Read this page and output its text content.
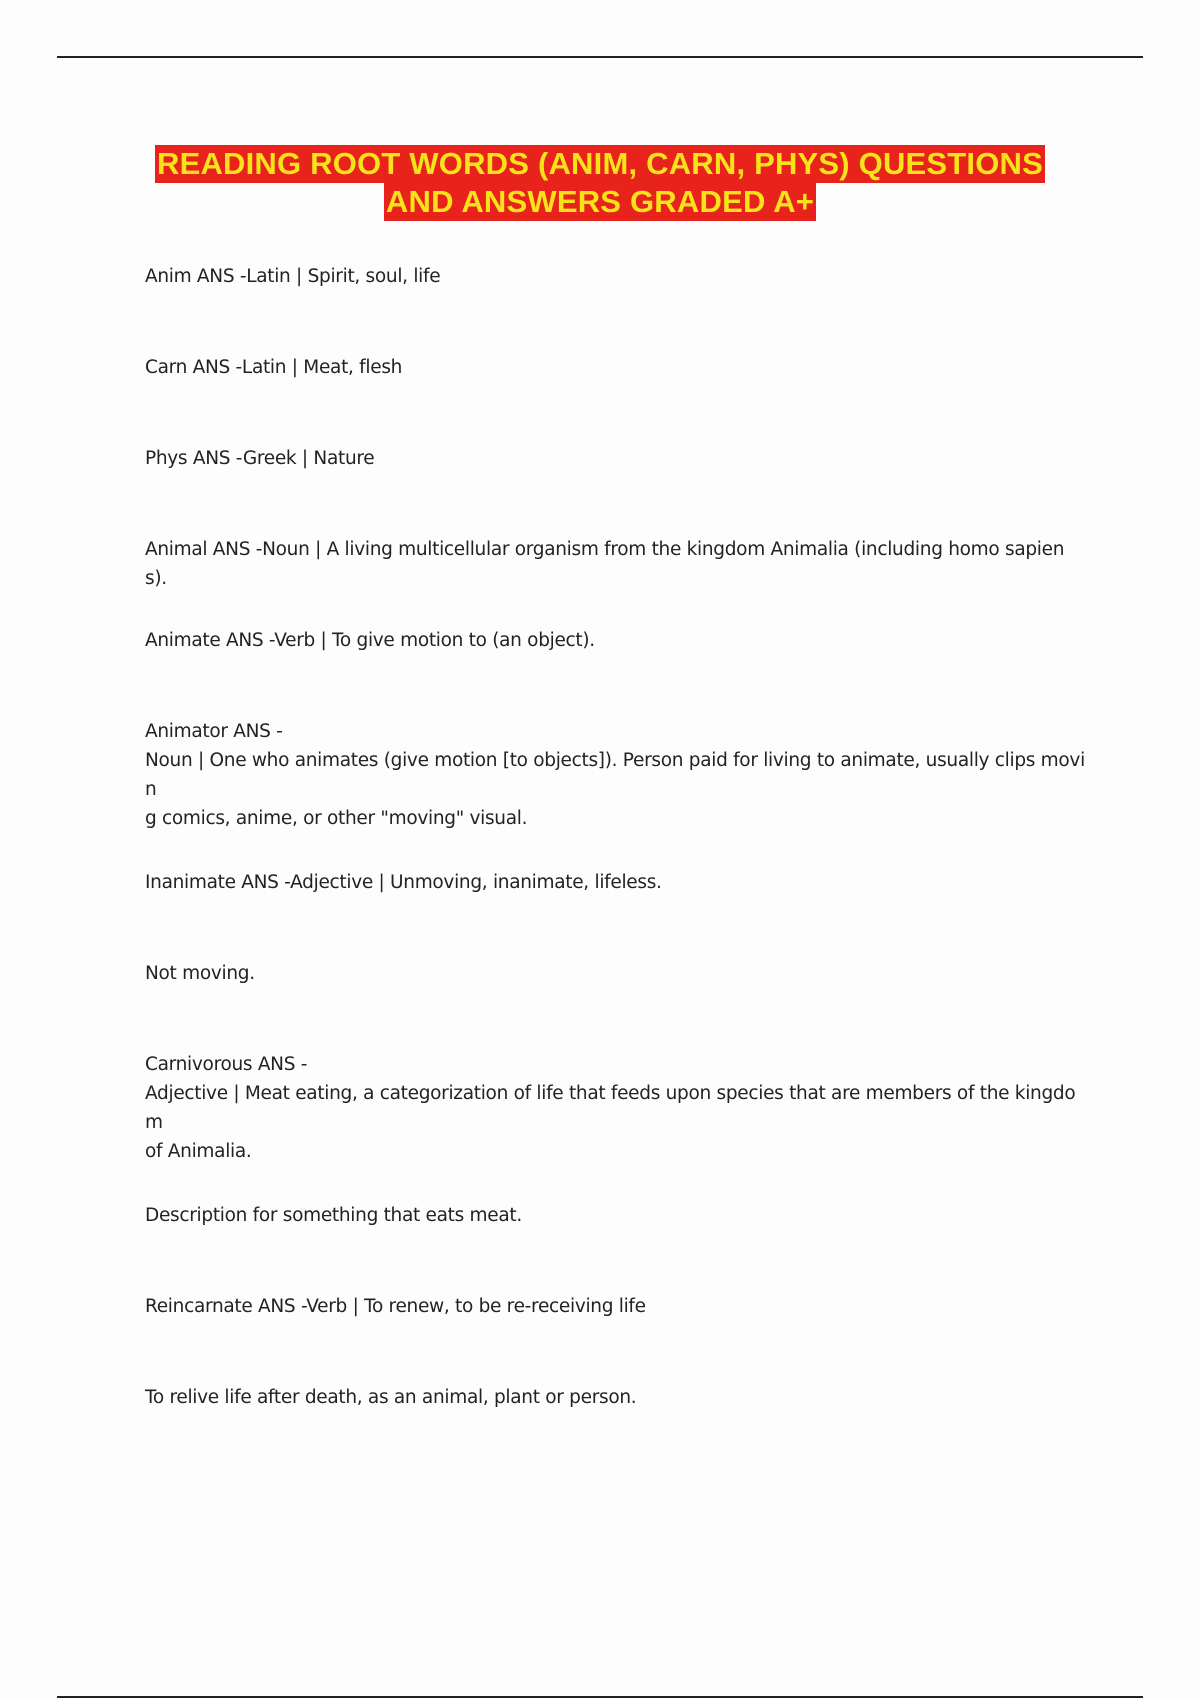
READING ROOT WORDS (ANIM, CARN, PHYS) QUESTIONS
AND ANSWERS GRADED A+
Anim ANS -Latin | Spirit, soul, life
Carn ANS -Latin | Meat, flesh
Phys ANS -Greek | Nature
Animal ANS -Noun | A living multicellular organism from the kingdom Animalia (including homo sapiens).
Animate ANS -Verb | To give motion to (an object).
Animator ANS -
Noun | One who animates (give motion [to objects]). Person paid for living to animate, usually clips movin
g comics, anime, or other "moving" visual.
Inanimate ANS -Adjective | Unmoving, inanimate, lifeless.
Not moving.
Carnivorous ANS -
Adjective | Meat eating, a categorization of life that feeds upon species that are members of the kingdom
of Animalia.
Description for something that eats meat.
Reincarnate ANS -Verb | To renew, to be re-receiving life
To relive life after death, as an animal, plant or person.
